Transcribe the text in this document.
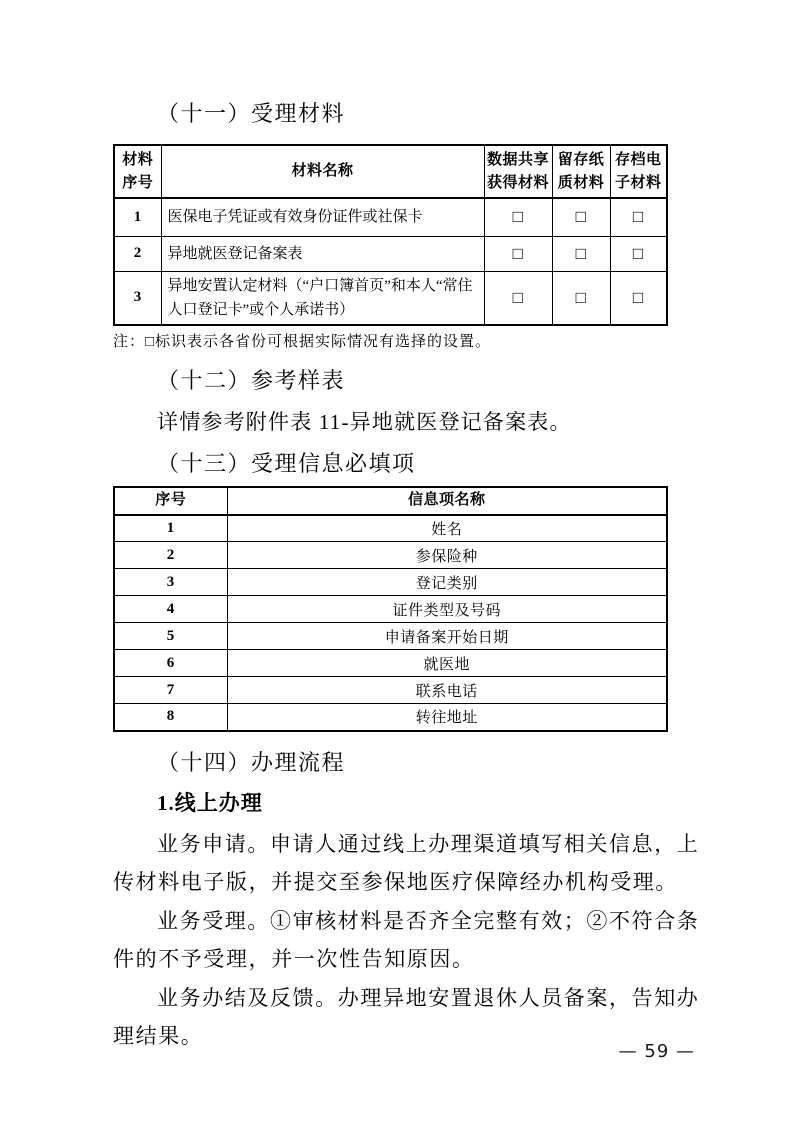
（十一）受理材料
材料
序号

材料名称

数据共享
获得材料

留存纸
质材料

存档电
子材料

1	医保电子凭证或有效身份证件或社保卡	□	□	□
2	异地就医登记备案表	□	□	□
3	异地安置认定材料（“户口簿首页”和本人“常住人口登记卡”或个人承诺书）	□	□	□
注：□标识表示各省份可根据实际情况有选择的设置。
（十二）参考样表
详情参考附件表 11-异地就医登记备案表。
（十三）受理信息必填项
序号	信息项名称
1	姓名
2	参保险种
3	登记类别
4	证件类型及号码
5	申请备案开始日期
6	就医地
7	联系电话
8	转往地址
（十四）办理流程
1.线上办理
业务申请。申请人通过线上办理渠道填写相关信息，上
传材料电子版，并提交至参保地医疗保障经办机构受理。
业务受理。①审核材料是否齐全完整有效；②不符合条
件的不予受理，并一次性告知原因。
业务办结及反馈。办理异地安置退休人员备案，告知办
理结果。
— 59 —
